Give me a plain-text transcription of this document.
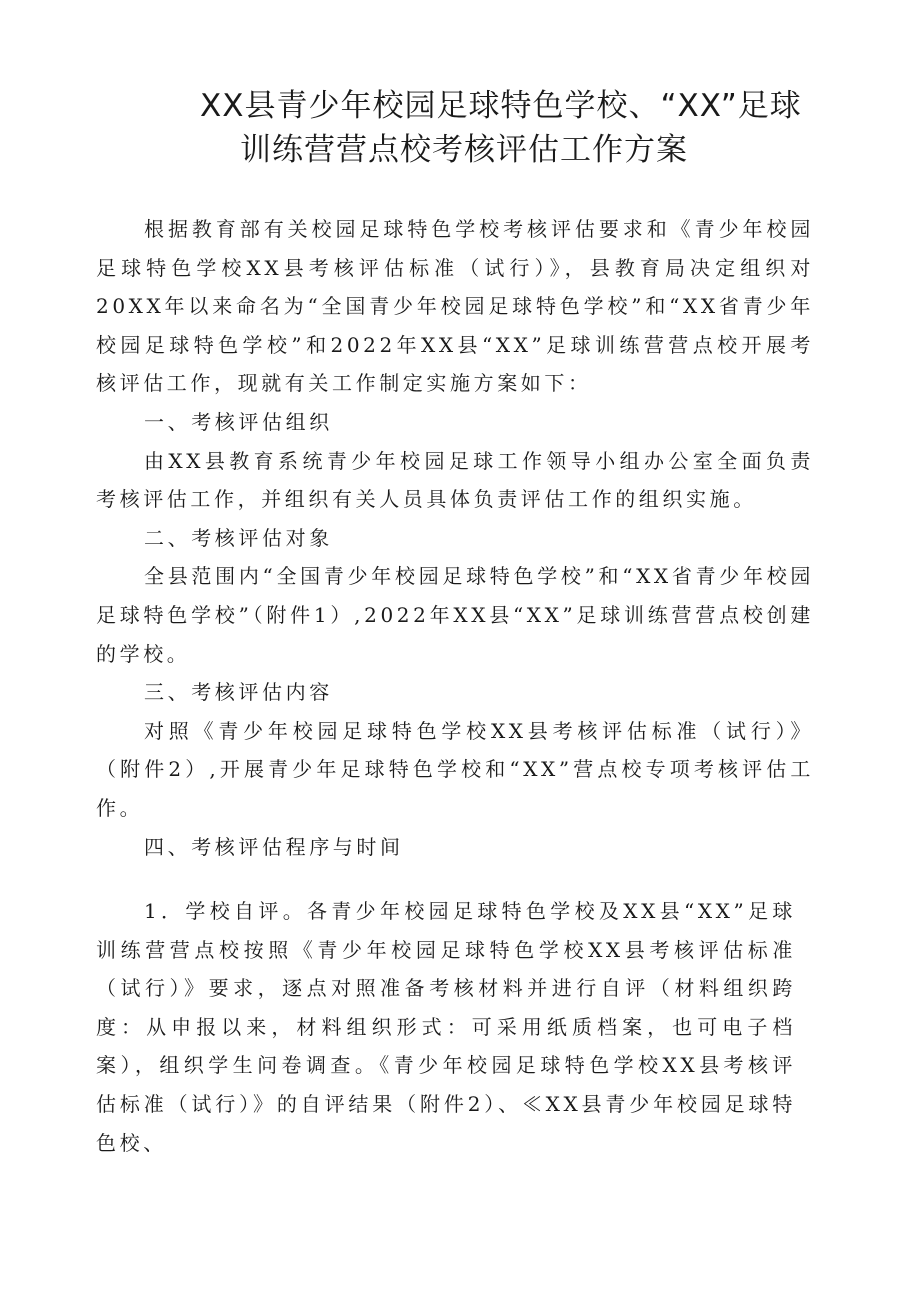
XX县青少年校园足球特色学校、“XX”足球
训练营营点校考核评估工作方案

根据教育部有关校园足球特色学校考核评估要求和《青少年校园足球特色学校XX县考核评估标准（试行）》，县教育局决定组织对20XX年以来命名为“全国青少年校园足球特色学校”和“XX省青少年校园足球特色学校”和2022年XX县“XX”足球训练营营点校开展考核评估工作，现就有关工作制定实施方案如下：

一、考核评估组织

由XX县教育系统青少年校园足球工作领导小组办公室全面负责考核评估工作，并组织有关人员具体负责评估工作的组织实施。

二、考核评估对象

全县范围内“全国青少年校园足球特色学校”和“XX省青少年校园足球特色学校”（附件1）,2022年XX县“XX”足球训练营营点校创建的学校。

三、考核评估内容

对照《青少年校园足球特色学校XX县考核评估标准（试行）》（附件2）,开展青少年足球特色学校和“XX”营点校专项考核评估工作。

四、考核评估程序与时间

1．学校自评。各青少年校园足球特色学校及XX县“XX”足球训练营营点校按照《青少年校园足球特色学校XX县考核评估标准（试行）》要求，逐点对照准备考核材料并进行自评（材料组织跨度：从申报以来，材料组织形式：可采用纸质档案，也可电子档案），组织学生问卷调查。《青少年校园足球特色学校XX县考核评估标准（试行）》的自评结果（附件2）、≪XX县青少年校园足球特色校、
